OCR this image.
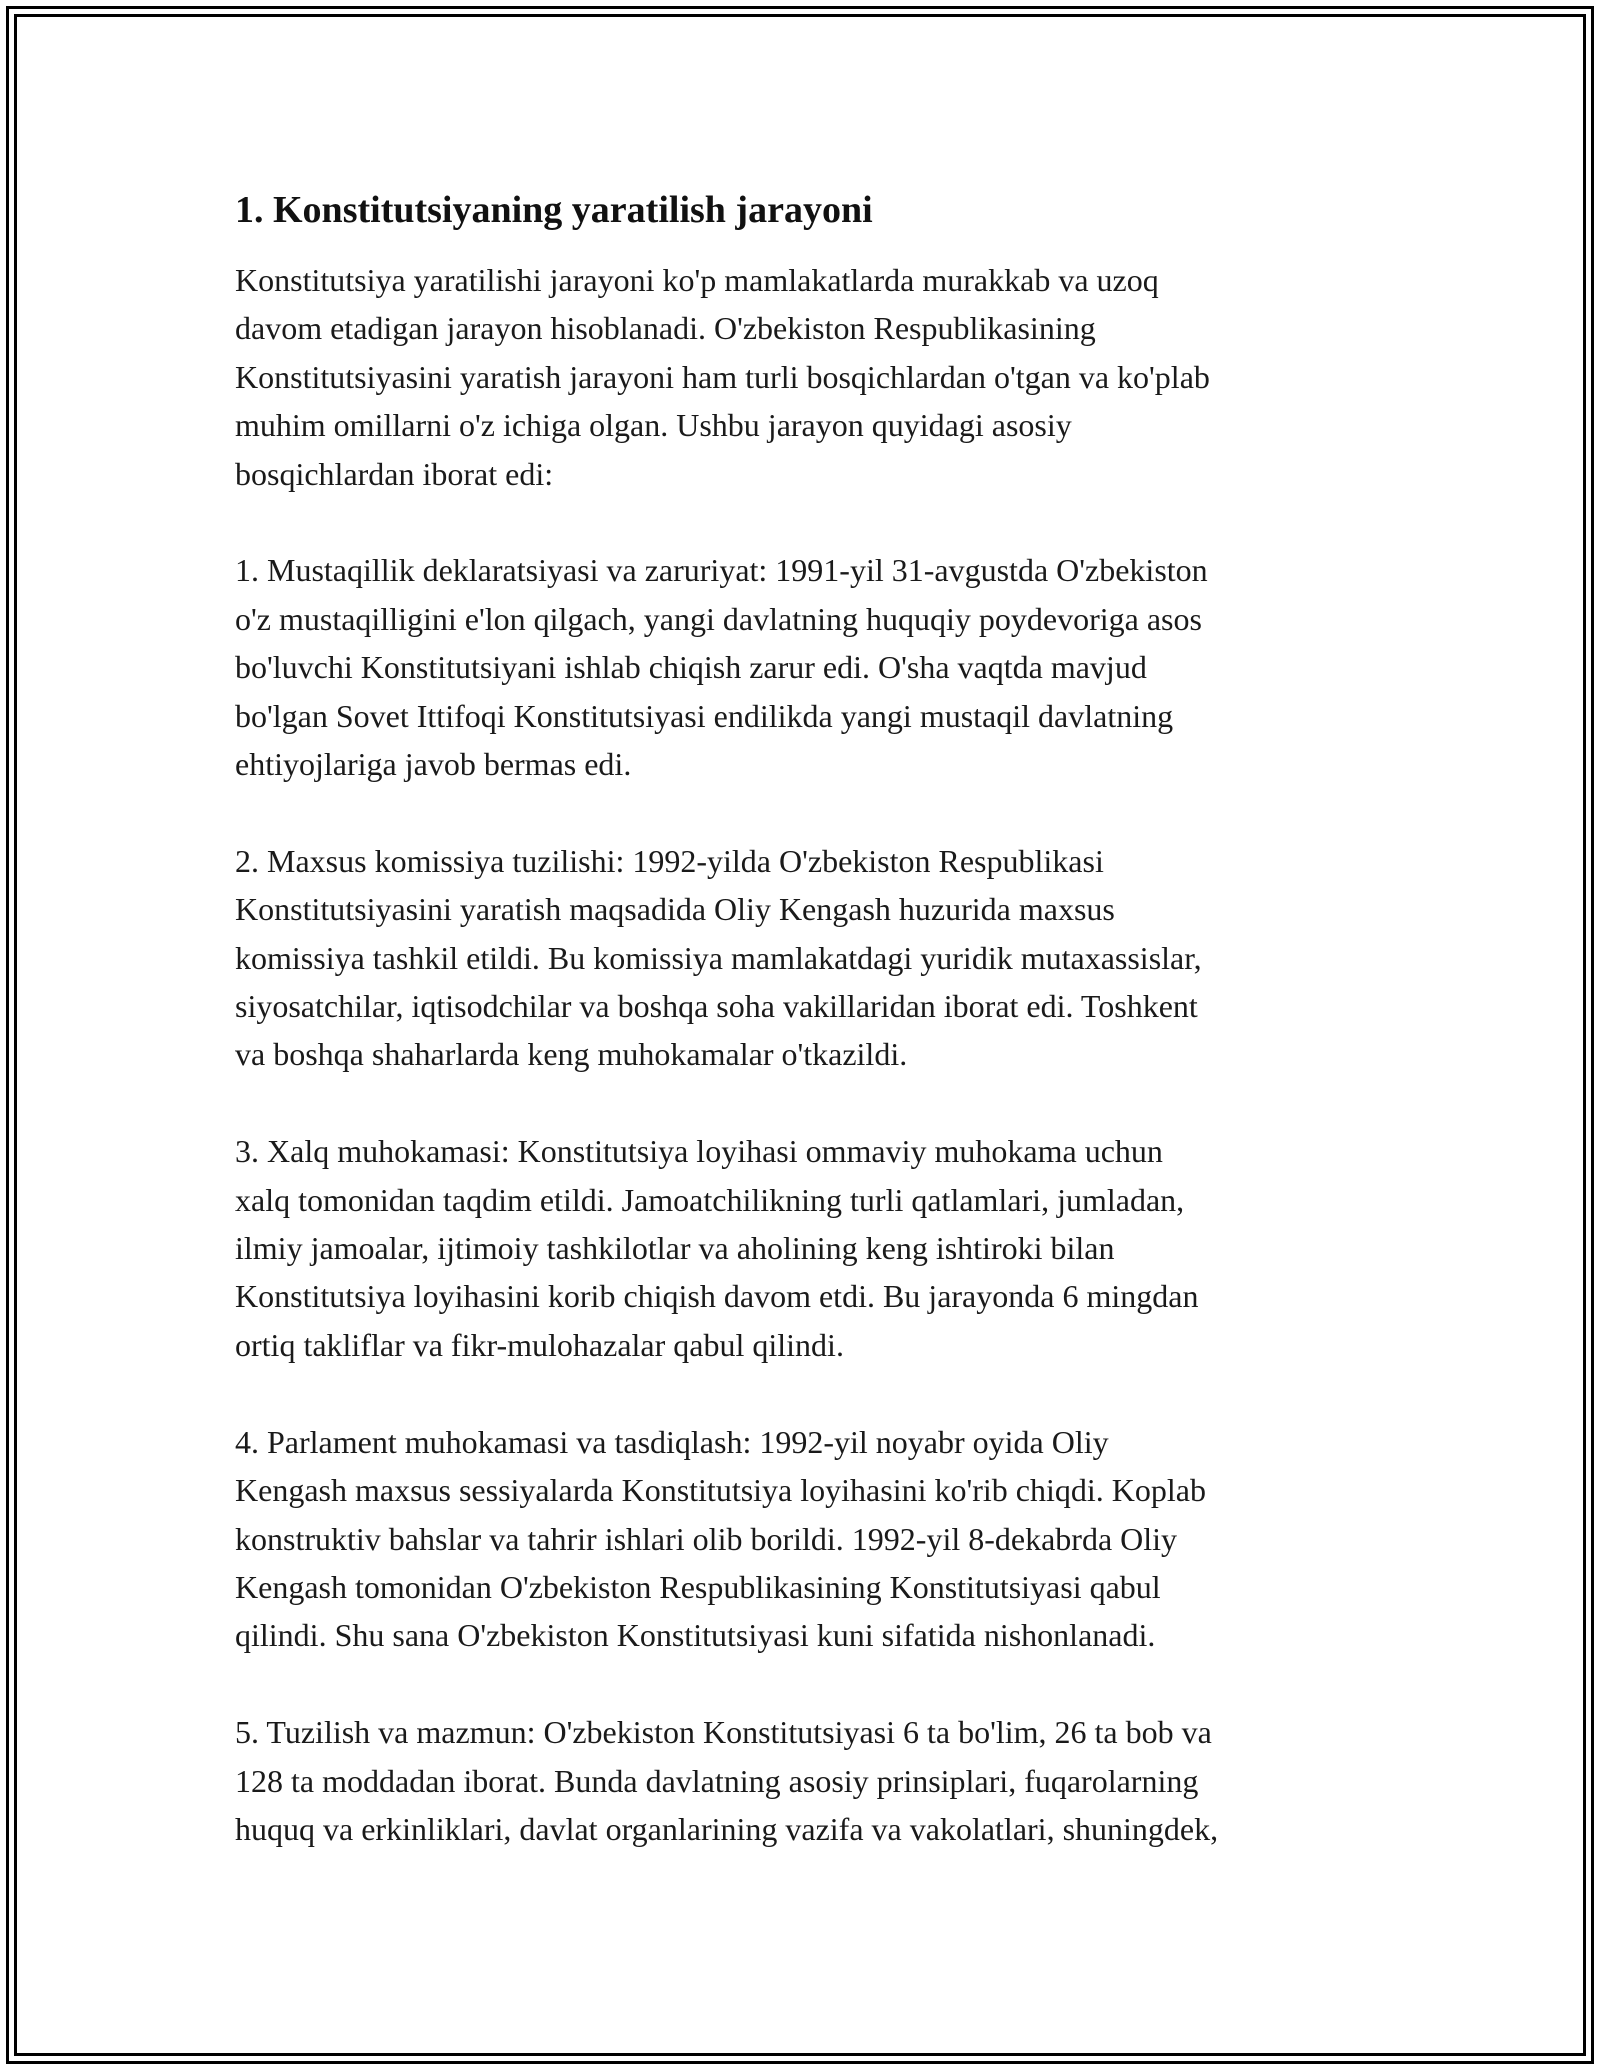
1. Konstitutsiyaning yaratilish jarayoni

Konstitutsiya yaratilishi jarayoni ko'p mamlakatlarda murakkab va uzoq
davom etadigan jarayon hisoblanadi. O'zbekiston Respublikasining
Konstitutsiyasini yaratish jarayoni ham turli bosqichlardan o'tgan va ko'plab
muhim omillarni o'z ichiga olgan. Ushbu jarayon quyidagi asosiy
bosqichlardan iborat edi:

1. Mustaqillik deklaratsiyasi va zaruriyat: 1991-yil 31-avgustda O'zbekiston
o'z mustaqilligini e'lon qilgach, yangi davlatning huquqiy poydevoriga asos
bo'luvchi Konstitutsiyani ishlab chiqish zarur edi. O'sha vaqtda mavjud
bo'lgan Sovet Ittifoqi Konstitutsiyasi endilikda yangi mustaqil davlatning
ehtiyojlariga javob bermas edi.

2. Maxsus komissiya tuzilishi: 1992-yilda O'zbekiston Respublikasi
Konstitutsiyasini yaratish maqsadida Oliy Kengash huzurida maxsus
komissiya tashkil etildi. Bu komissiya mamlakatdagi yuridik mutaxassislar,
siyosatchilar, iqtisodchilar va boshqa soha vakillaridan iborat edi. Toshkent
va boshqa shaharlarda keng muhokamalar o'tkazildi.

3. Xalq muhokamasi: Konstitutsiya loyihasi ommaviy muhokama uchun
xalq tomonidan taqdim etildi. Jamoatchilikning turli qatlamlari, jumladan,
ilmiy jamoalar, ijtimoiy tashkilotlar va aholining keng ishtiroki bilan
Konstitutsiya loyihasini korib chiqish davom etdi. Bu jarayonda 6 mingdan
ortiq takliflar va fikr-mulohazalar qabul qilindi.

4. Parlament muhokamasi va tasdiqlash: 1992-yil noyabr oyida Oliy
Kengash maxsus sessiyalarda Konstitutsiya loyihasini ko'rib chiqdi. Koplab
konstruktiv bahslar va tahrir ishlari olib borildi. 1992-yil 8-dekabrda Oliy
Kengash tomonidan O'zbekiston Respublikasining Konstitutsiyasi qabul
qilindi. Shu sana O'zbekiston Konstitutsiyasi kuni sifatida nishonlanadi.

5. Tuzilish va mazmun: O'zbekiston Konstitutsiyasi 6 ta bo'lim, 26 ta bob va
128 ta moddadan iborat. Bunda davlatning asosiy prinsiplari, fuqarolarning
huquq va erkinliklari, davlat organlarining vazifa va vakolatlari, shuningdek,
